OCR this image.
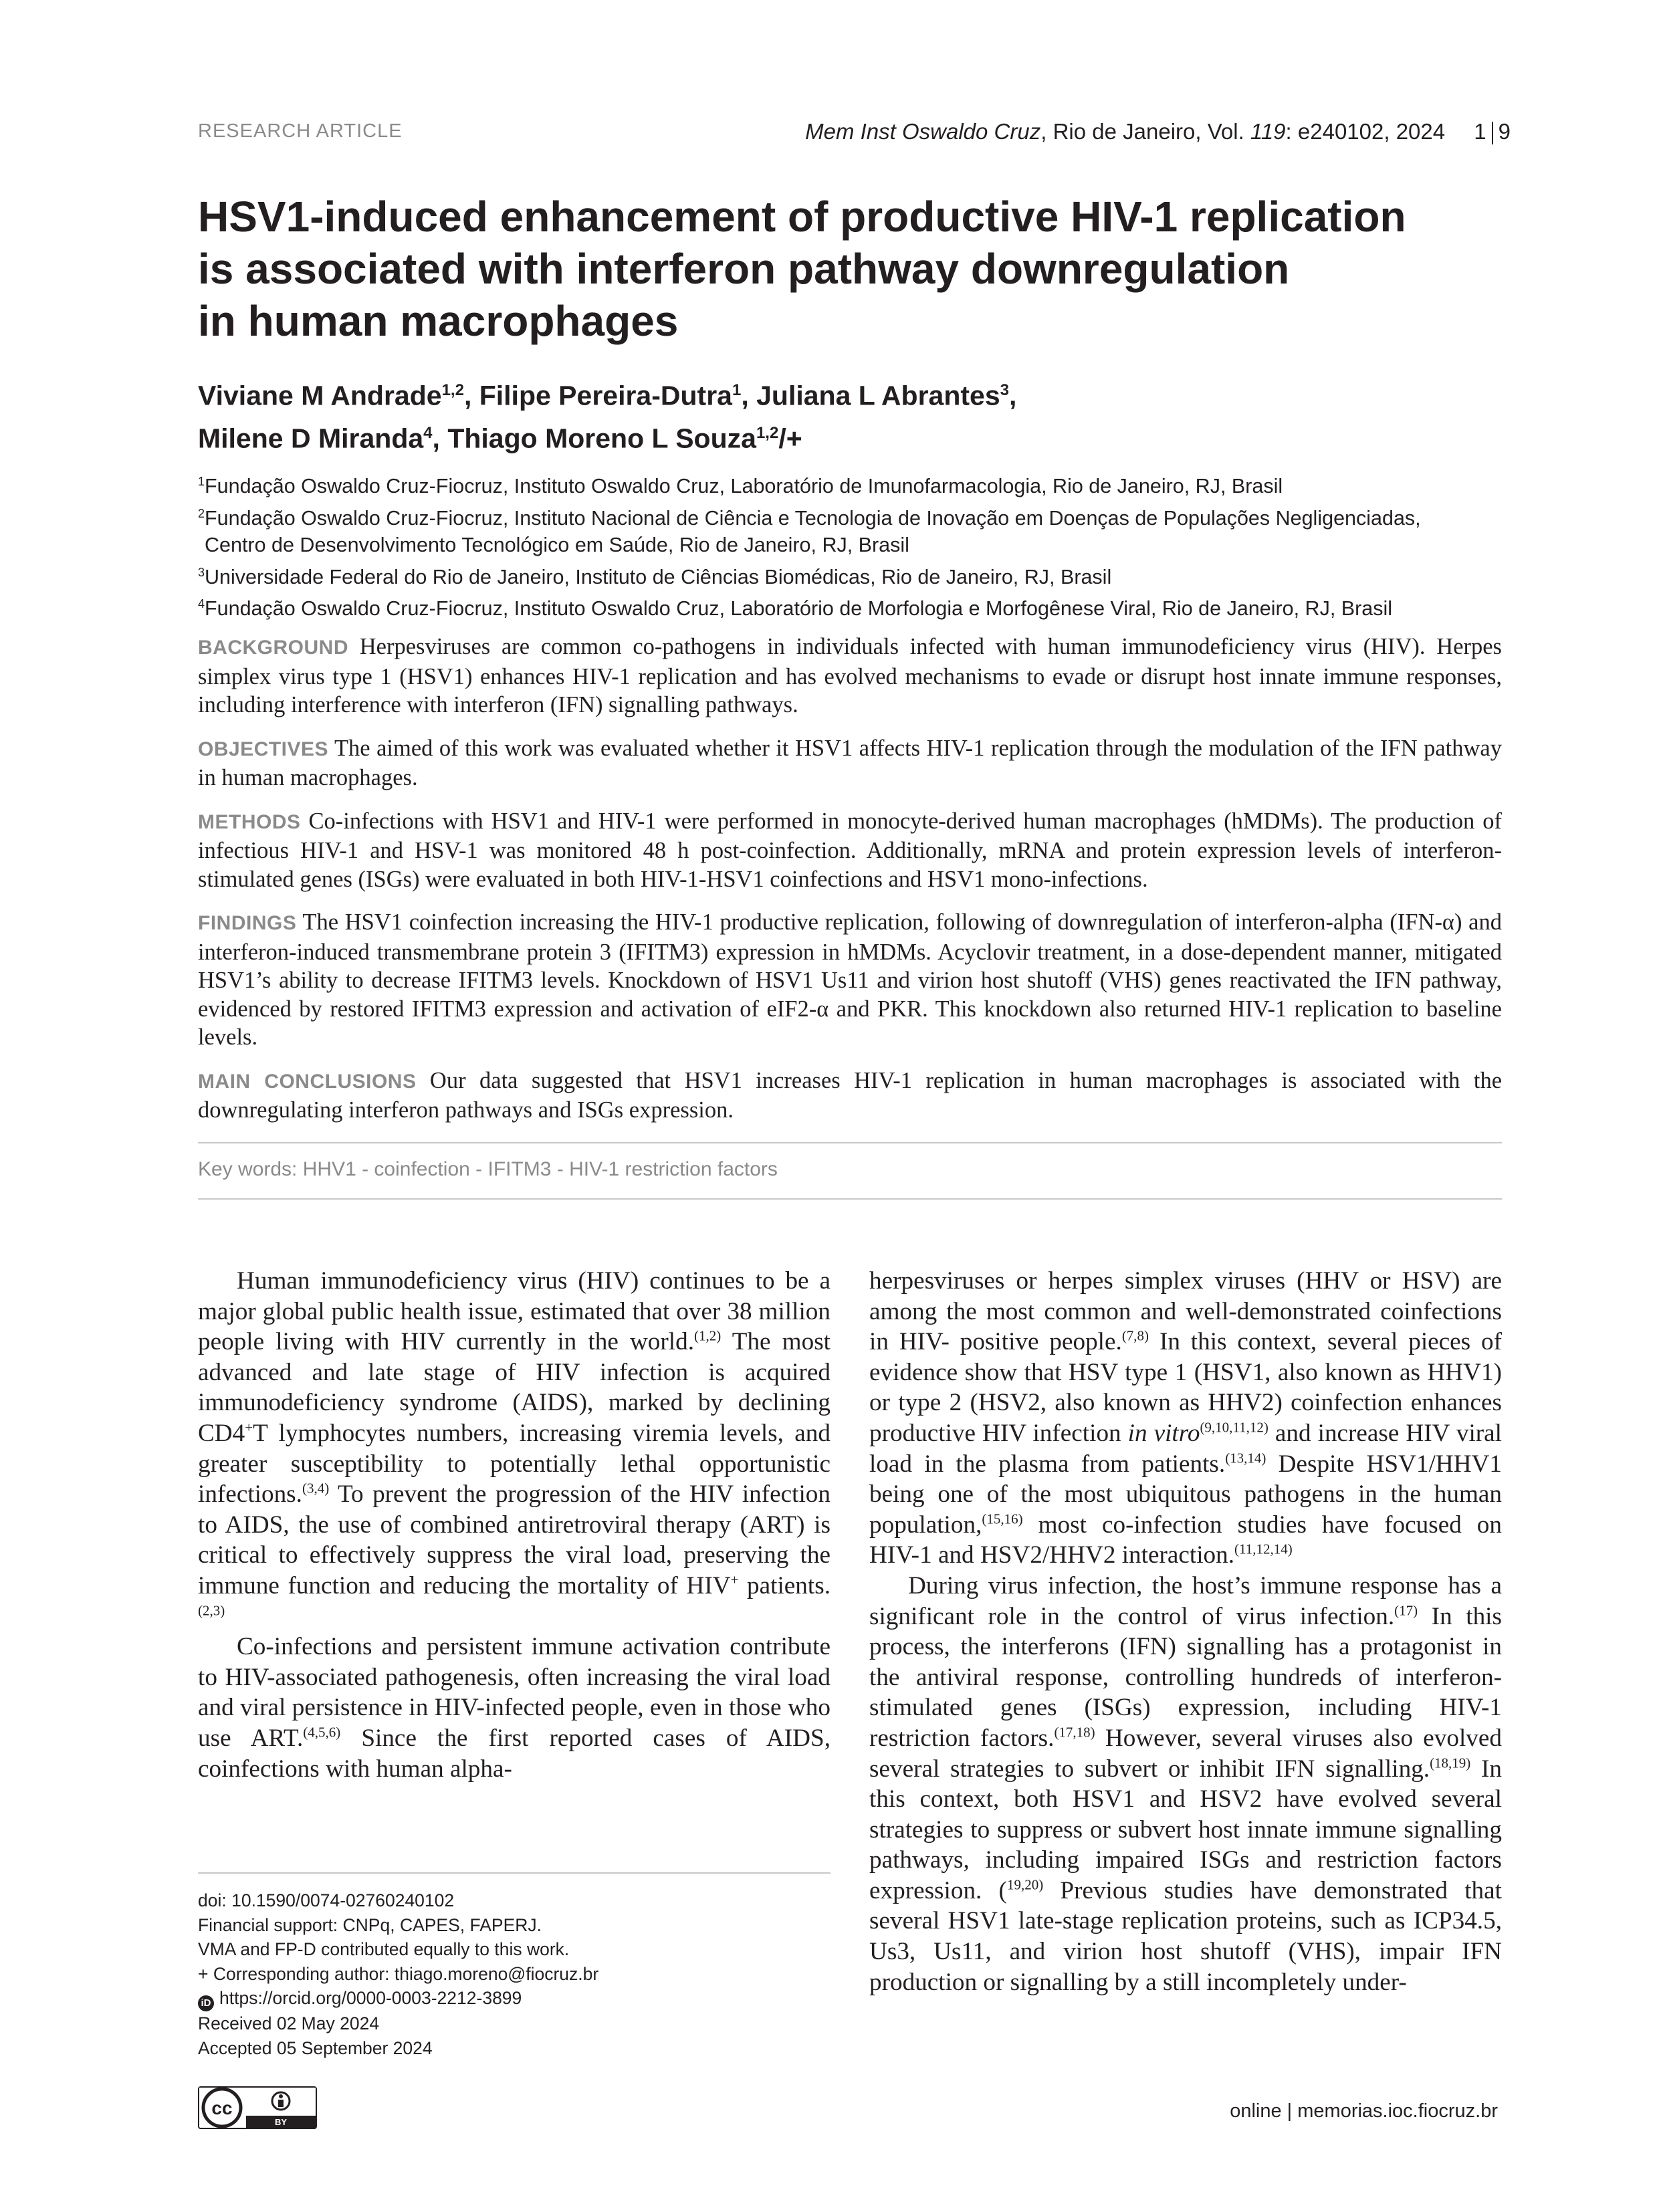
RESEARCH ARTICLE	Mem Inst Oswaldo Cruz, Rio de Janeiro, Vol. 119: e240102, 2024 1 9
HSV1-induced enhancement of productive HIV-1 replication
is associated with interferon pathway downregulation
in human macrophages

Viviane M Andrade$^{1,2}$, Filipe Pereira-Dutra$^1$, Juliana L Abrantes$^3$,
Milene D Miranda$^4$, Thiago Moreno L Souza$^{1,2}$/+

$^1$Fundação Oswaldo Cruz-Fiocruz, Instituto Oswaldo Cruz, Laboratório de Imunofarmacologia, Rio de Janeiro, RJ, Brasil
$^2$Fundação Oswaldo Cruz-Fiocruz, Instituto Nacional de Ciência e Tecnologia de Inovação em Doenças de Populações Negligenciadas,
Centro de Desenvolvimento Tecnológico em Saúde, Rio de Janeiro, RJ, Brasil
$^3$Universidade Federal do Rio de Janeiro, Instituto de Ciências Biomédicas, Rio de Janeiro, RJ, Brasil
$^4$Fundação Oswaldo Cruz-Fiocruz, Instituto Oswaldo Cruz, Laboratório de Morfologia e Morfogênese Viral, Rio de Janeiro, RJ, Brasil

BACKGROUND Herpesviruses are common co-pathogens in individuals infected with human immunodeficiency virus (HIV). Herpes simplex virus type 1 (HSV1) enhances HIV-1 replication and has evolved mechanisms to evade or disrupt host innate immune responses, including interference with interferon (IFN) signalling pathways.

OBJECTIVES The aimed of this work was evaluated whether it HSV1 affects HIV-1 replication through the modulation of the IFN pathway in human macrophages.

METHODS Co-infections with HSV1 and HIV-1 were performed in monocyte-derived human macrophages (hMDMs). The production of infectious HIV-1 and HSV-1 was monitored 48 h post-coinfection. Additionally, mRNA and protein expression levels of interferon-stimulated genes (ISGs) were evaluated in both HIV-1-HSV1 coinfections and HSV1 mono-infections.

FINDINGS The HSV1 coinfection increasing the HIV-1 productive replication, following of downregulation of interferon-alpha (IFN-α) and interferon-induced transmembrane protein 3 (IFITM3) expression in hMDMs. Acyclovir treatment, in a dose-dependent manner, mitigated HSV1’s ability to decrease IFITM3 levels. Knockdown of HSV1 Us11 and virion host shutoff (VHS) genes reactivated the IFN pathway, evidenced by restored IFITM3 expression and activation of eIF2-α and PKR. This knockdown also returned HIV-1 replication to baseline levels.

MAIN CONCLUSIONS Our data suggested that HSV1 increases HIV-1 replication in human macrophages is associated with the downregulating interferon pathways and ISGs expression.

Key words: HHV1 - coinfection - IFITM3 - HIV-1 restriction factors

Human immunodeficiency virus (HIV) continues to be a major global public health issue, estimated that over 38 million people living with HIV currently in the world.$^{(1,2)}$ The most advanced and late stage of HIV infection is acquired immunodeficiency syndrome (AIDS), marked by declining CD4+T lymphocytes numbers, increasing viremia levels, and greater susceptibility to potentially lethal opportunistic infections.$^{(3,4)}$ To prevent the progression of the HIV infection to AIDS, the use of combined antiretroviral therapy (ART) is critical to effectively suppress the viral load, preserving the immune function and reducing the mortality of HIV+ patients.$^{(2,3)}$

Co-infections and persistent immune activation contribute to HIV-associated pathogenesis, often increasing the viral load and viral persistence in HIV-infected people, even in those who use ART.$^{(4,5,6)}$ Since the first reported cases of AIDS, coinfections with human alpha-

herpesviruses or herpes simplex viruses (HHV or HSV) are among the most common and well-demonstrated coinfections in HIV- positive people.$^{(7,8)}$ In this context, several pieces of evidence show that HSV type 1 (HSV1, also known as HHV1) or type 2 (HSV2, also known as HHV2) coinfection enhances productive HIV infection in vitro$^{(9,10,11,12)}$ and increase HIV viral load in the plasma from patients.$^{(13,14)}$ Despite HSV1/HHV1 being one of the most ubiquitous pathogens in the human population,$^{(15,16)}$ most co-infection studies have focused on HIV-1 and HSV2/HHV2 interaction.$^{(11,12,14)}$

During virus infection, the host’s immune response has a significant role in the control of virus infection.$^{(17)}$ In this process, the interferons (IFN) signalling has a protagonist in the antiviral response, controlling hundreds of interferon-stimulated genes (ISGs) expression, including HIV-1 restriction factors.$^{(17,18)}$ However, several viruses also evolved several strategies to subvert or inhibit IFN signalling.$^{(18,19)}$ In this context, both HSV1 and HSV2 have evolved several strategies to suppress or subvert host innate immune signalling pathways, including impaired ISGs and restriction factors expression. ($^{19,20)}$ Previous studies have demonstrated that several HSV1 late-stage replication proteins, such as ICP34.5, Us3, Us11, and virion host shutoff (VHS), impair IFN production or signalling by a still incompletely under-

doi: 10.1590/0074-02760240102
Financial support: CNPq, CAPES, FAPERJ.
VMA and FP-D contributed equally to this work.
+ Corresponding author: thiago.moreno@fiocruz.br
iD https://orcid.org/0000-0003-2212-3899
Received 02 May 2024
Accepted 05 September 2024
cc
BY
online | memorias.ioc.fiocruz.br
